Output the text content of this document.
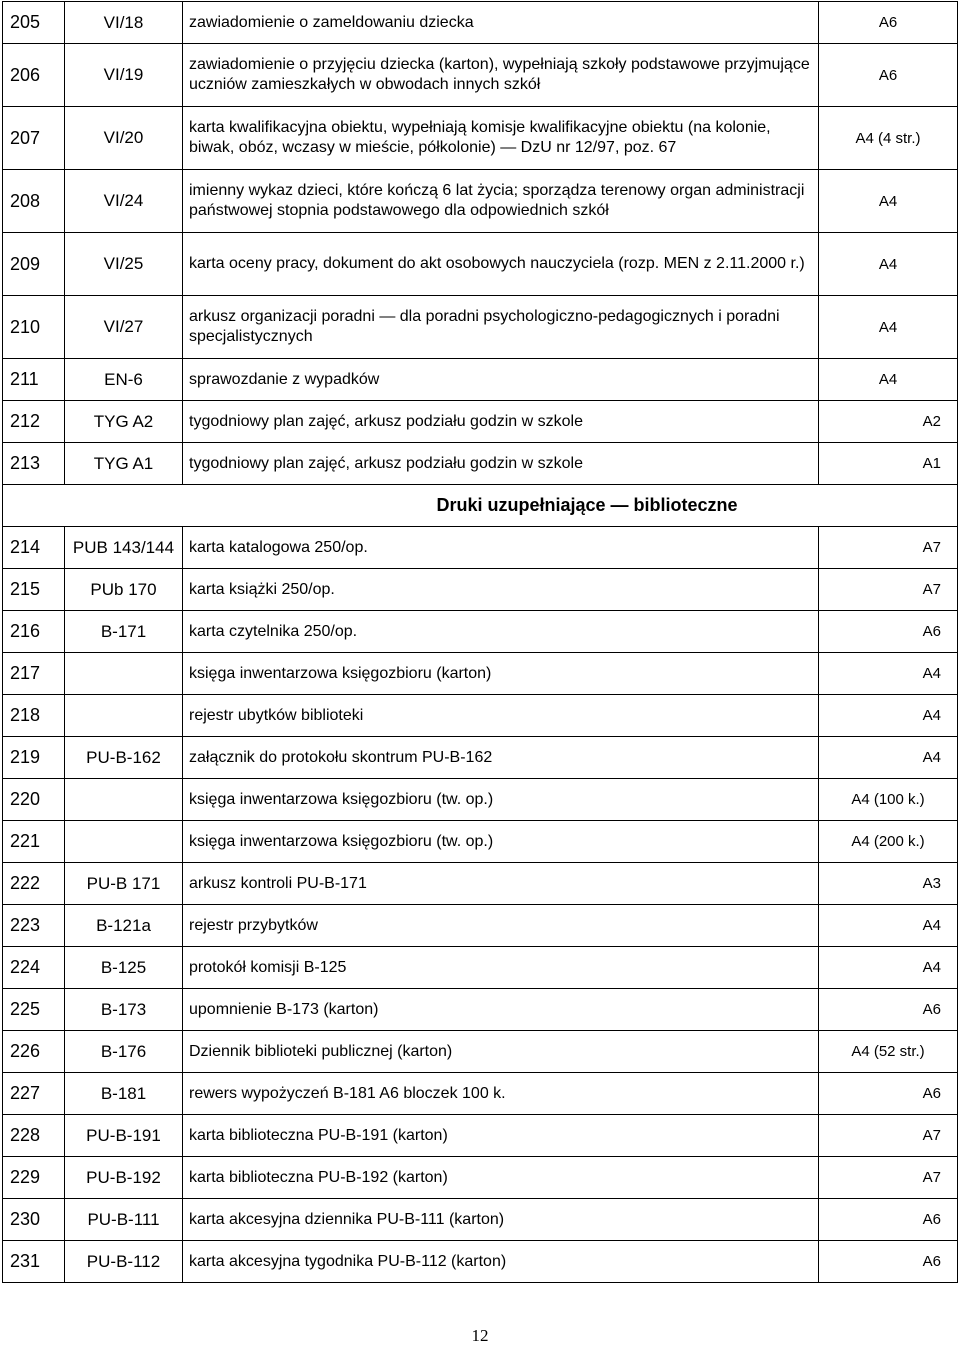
205	VI/18	zawiadomienie o zameldowaniu dziecka	A6
206	VI/19	zawiadomienie o przyjęciu dziecka (karton), wypełniają szkoły podstawowe przyjmujące uczniów zamieszkałych w obwodach innych szkół	A6
207	VI/20	karta kwalifikacyjna obiektu, wypełniają komisje kwalifikacyjne obiektu (na kolonie, biwak, obóz, wczasy w mieście, półkolonie) — DzU nr 12/97, poz. 67	A4 (4 str.)
208	VI/24	imienny wykaz dzieci, które kończą 6 lat życia; sporządza terenowy organ administracji państwowej stopnia podstawowego dla odpowiednich szkół	A4
209	VI/25	karta oceny pracy, dokument do akt osobowych nauczyciela (rozp. MEN z 2.11.2000 r.)	A4
210	VI/27	arkusz organizacji poradni — dla poradni psychologiczno-pedagogicznych i poradni specjalistycznych	A4
211	EN-6	sprawozdanie z wypadków	A4
212	TYG A2	tygodniowy plan zajęć, arkusz podziału godzin w szkole	A2
213	TYG A1	tygodniowy plan zajęć, arkusz podziału godzin w szkole	A1
Druki uzupełniające — biblioteczne			
214	PUB 143/144	karta katalogowa 250/op.	A7
215	PUb 170	karta książki 250/op.	A7
216	B-171	karta czytelnika 250/op.	A6
217		księga inwentarzowa księgozbioru (karton)	A4
218		rejestr ubytków biblioteki	A4
219	PU-B-162	załącznik do protokołu skontrum PU-B-162	A4
220		księga inwentarzowa księgozbioru (tw. op.)	A4 (100 k.)
221		księga inwentarzowa księgozbioru (tw. op.)	A4 (200 k.)
222	PU-B 171	arkusz kontroli PU-B-171	A3
223	B-121a	rejestr przybytków	A4
224	B-125	protokół komisji B-125	A4
225	B-173	upomnienie B-173 (karton)	A6
226	B-176	Dziennik biblioteki publicznej (karton)	A4 (52 str.)
227	B-181	rewers wypożyczeń B-181 A6 bloczek 100 k.	A6
228	PU-B-191	karta biblioteczna PU-B-191 (karton)	A7
229	PU-B-192	karta biblioteczna PU-B-192 (karton)	A7
230	PU-B-111	karta akcesyjna dziennika PU-B-111 (karton)	A6
231	PU-B-112	karta akcesyjna tygodnika PU-B-112 (karton)	A6
12
